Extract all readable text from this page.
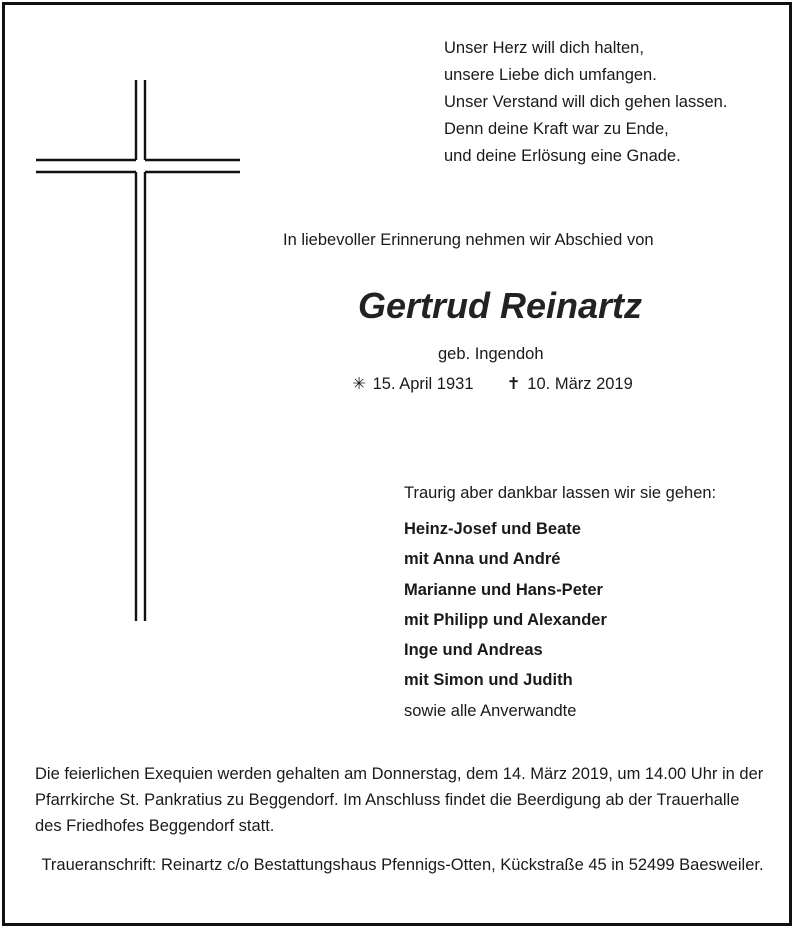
Unser Herz will dich halten,
unsere Liebe dich umfangen.
Unser Verstand will dich gehen lassen.
Denn deine Kraft war zu Ende,
und deine Erlösung eine Gnade.
In liebevoller Erinnerung nehmen wir Abschied von
Gertrud Reinartz
geb. Ingendoh
✳ 15. April 1931 ✝ 10. März 2019
Traurig aber dankbar lassen wir sie gehen:
Heinz-Josef und Beate
mit Anna und André
Marianne und Hans-Peter
mit Philipp und Alexander
Inge und Andreas
mit Simon und Judith
sowie alle Anverwandte
Die feierlichen Exequien werden gehalten am Donnerstag, dem 14. März 2019, um 14.00 Uhr in der Pfarrkirche St. Pankratius zu Beggendorf. Im Anschluss findet die Beerdigung ab der Trauerhalle des Friedhofes Beggendorf statt.
Traueranschrift: Reinartz c/o Bestattungshaus Pfennigs-Otten, Kückstraße 45 in 52499 Baesweiler.
